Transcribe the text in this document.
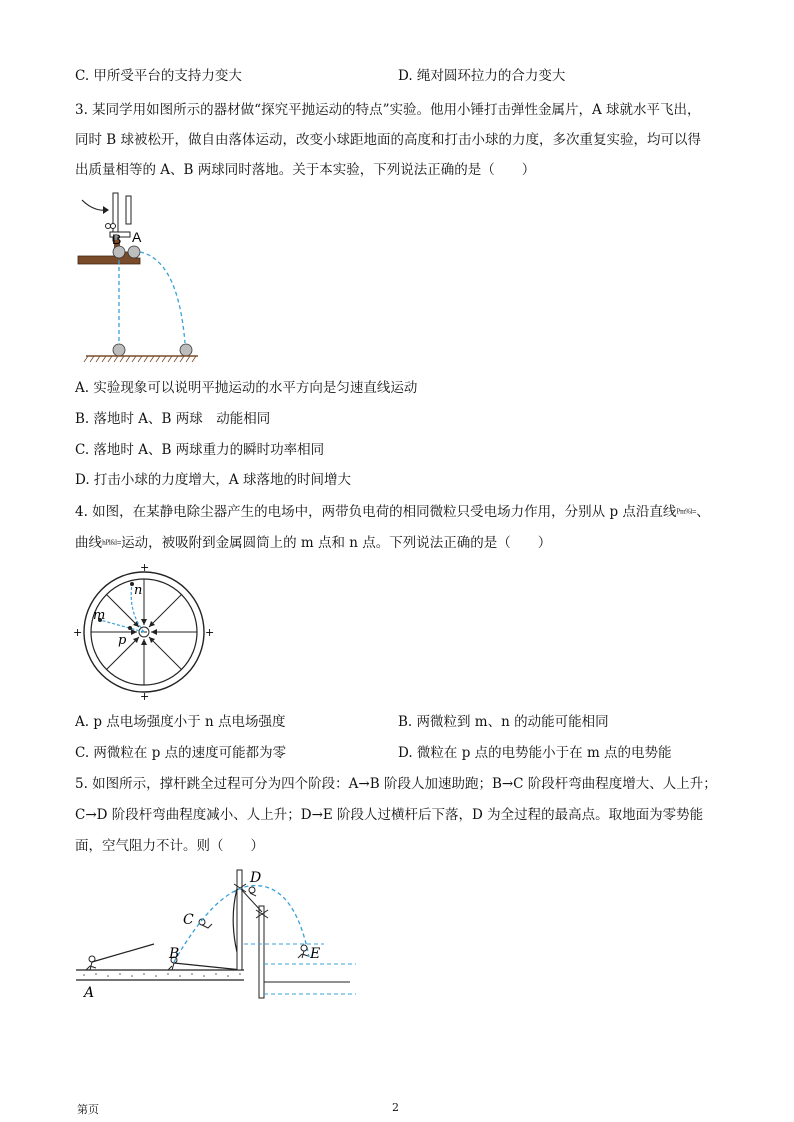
C. 甲所受平台的支持力变大	D. 绳对圆环拉力的合力变大
3. 某同学用如图所示的器材做“探究平抛运动的特点”实验。他用小锤打击弹性金属片，A 球就水平飞出，
同时 B 球被松开，做自由落体运动，改变小球距地面的高度和打击小球的力度，多次重复实验，均可以得
出质量相等的 A、B 两球同时落地。关于本实验，下列说法正确的是（　　）
B A
A. 实验现象可以说明平抛运动的水平方向是匀速直线运动
B. 落地时 A、B 两球　动能相同
C. 落地时 A、B 两球重力的瞬时功率相同
D. 打击小球的力度增大，A 球落地的时间增大
4. 如图，在某静电除尘器产生的电场中，两带负电荷的相同微粒只受电场力作用，分别从 p 点沿直线Pm%l=、
曲线hPl&l=运动，被吸附到金属圆筒上的 m 点和 n 点。下列说法正确的是（　　）
n
m
p
+
+
+	+
A. p 点电场强度小于 n 点电场强度	B. 两微粒到 m、n 的动能可能相同
C. 两微粒在 p 点的速度可能都为零	D. 微粒在 p 点的电势能小于在 m 点的电势能
5. 如图所示，撑杆跳全过程可分为四个阶段：A→B 阶段人加速助跑；B→C 阶段杆弯曲程度增大、人上升；
C→D 阶段杆弯曲程度减小、人上升；D→E 阶段人过横杆后下落，D 为全过程的最高点。取地面为零势能
面，空气阻力不计。则（　　）
A
B
C
D
E
第页	2
